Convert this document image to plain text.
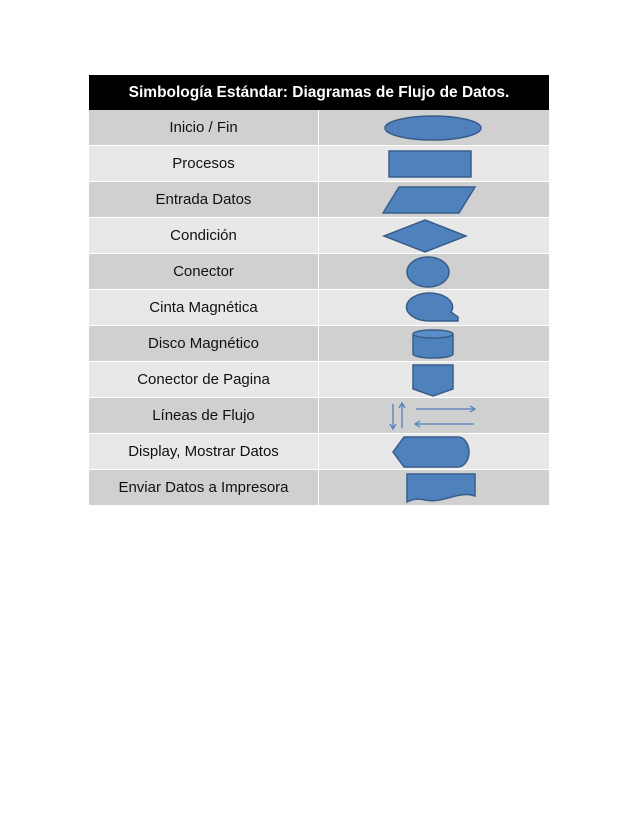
Simbología Estándar: Diagramas de Flujo de Datos.
Inicio / Fin
Procesos
Entrada Datos
Condición
Conector
Cinta Magnética
Disco Magnético
Conector de Pagina
Líneas de Flujo
Display, Mostrar Datos
Enviar Datos a Impresora
